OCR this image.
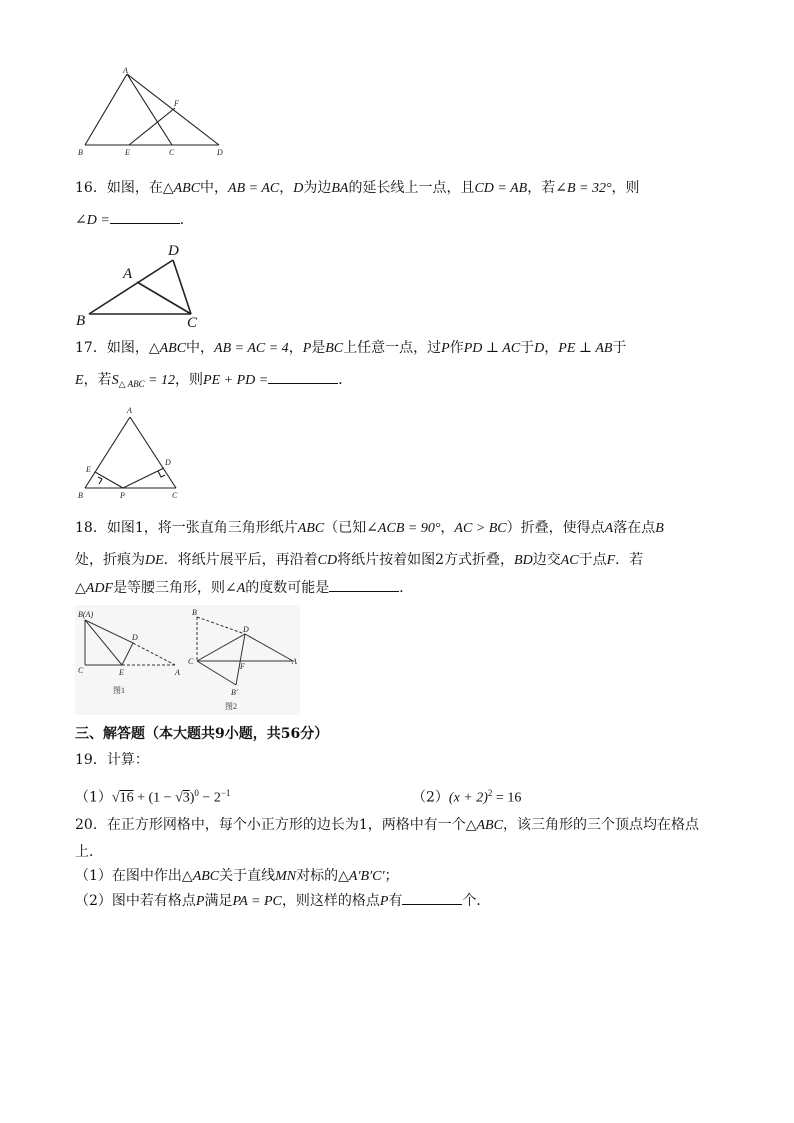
A
B	E	C	D
F
16．如图，在△ABC中，AB = AC，D为边BA的延长线上一点，且CD = AB，若∠B = 32°，则
∠D =	．
D
A
B	C
17．如图，△ABC中，AB = AC = 4，P是BC上任意一点，过P作PD ⊥ AC于D，PE ⊥ AB于
E，若$S_{\triangle ABC} = 12$，则PE + PD =	．
A
E
D
B	P	C
18．如图1，将一张直角三角形纸片ABC（已知∠ACB = 90°，AC > BC）折叠，使得点A落在点B
处，折痕为DE．将纸片展平后，再沿着CD将纸片按着如图2方式折叠，BD边交AC于点F．若
△ADF是等腰三角形，则∠A的度数可能是	．
B(A)
D
C	E	A
图1
B
D
C
F
A
B′
图2
三、解答题（本大题共9小题，共56分）
19．计算：
$(1)√16 + (1 - √3)^0 - 2^{-1}$	$(2)(x + 2)^2 = 16$
20．在正方形网格中，每个小正方形的边长为1，两格中有一个△ABC，该三角形的三个顶点均在格点
上．
（1）在图中作出△ABC关于直线MN对标的△A′B′C′；
（2）图中若有格点P满足PA = PC，则这样的格点P有	个．
